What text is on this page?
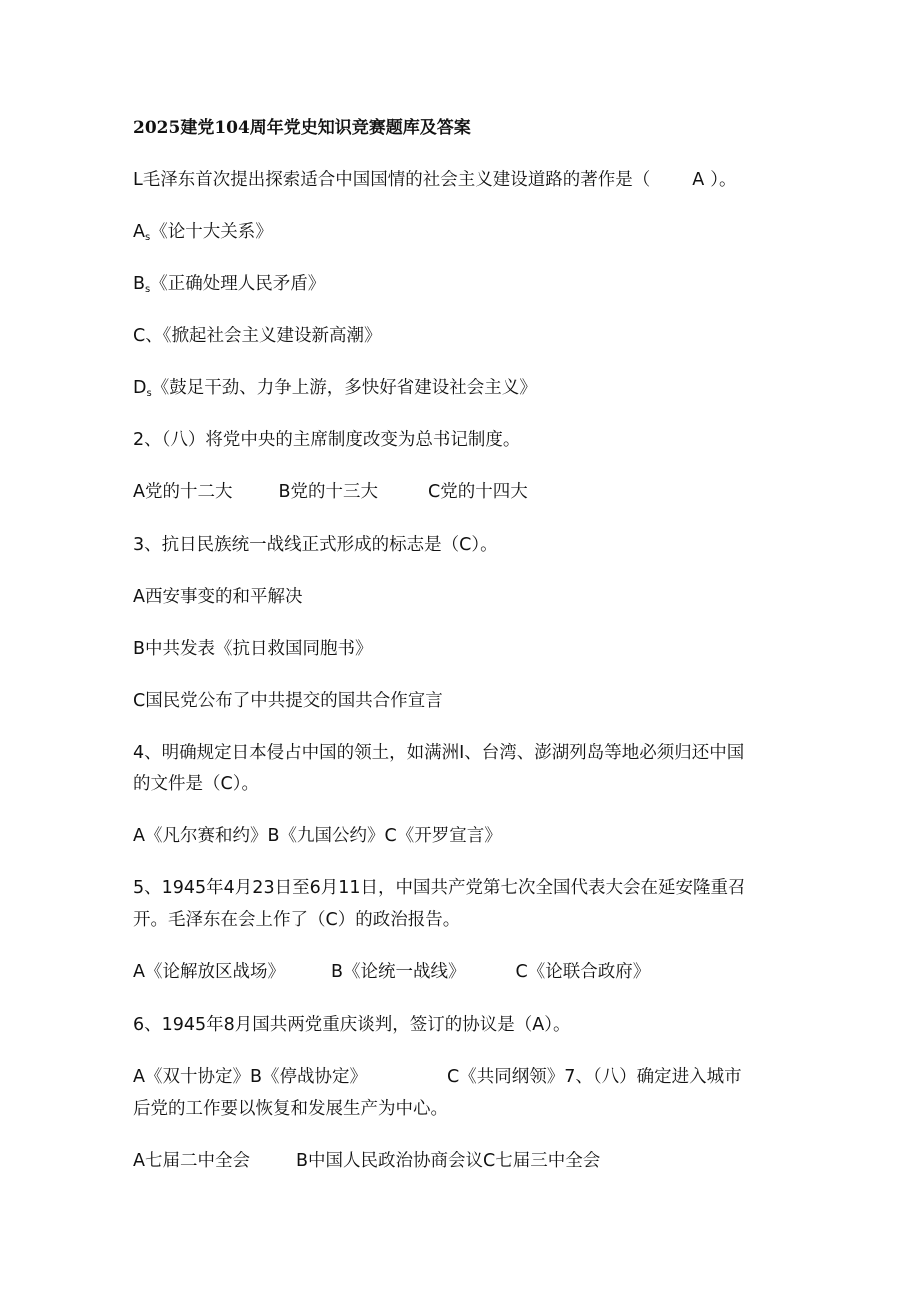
2025建党104周年党史知识竞赛题库及答案
L毛泽东首次提出探索适合中国国情的社会主义建设道路的著作是（ A ）。
$A_s$《论十大关系》
$B_s$《正确处理人民矛盾》
C、《掀起社会主义建设新高潮》
$D_s$《鼓足干劲、力争上游，多快好省建设社会主义》
2、（八）将党中央的主席制度改变为总书记制度。
A党的十二大	B党的十三大	C党的十四大
3、抗日民族统一战线正式形成的标志是（C）。
A西安事变的和平解决
B中共发表《抗日救国同胞书》
C国民党公布了中共提交的国共合作宣言
4、明确规定日本侵占中国的领土，如满洲I、台湾、澎湖列岛等地必须归还中国
的文件是（C）。
A《凡尔赛和约》B《九国公约》C《开罗宣言》
5、1945年4月23日至6月11日，中国共产党第七次全国代表大会在延安隆重召
开。毛泽东在会上作了（C）的政治报告。
A《论解放区战场》	B《论统一战线》	C《论联合政府》
6、1945年8月国共两党重庆谈判，签订的协议是（A）。
A《双十协定》B《停战协定》	C《共同纲领》7、（八）确定进入城市
后党的工作要以恢复和发展生产为中心。
A七届二中全会	B中国人民政治协商会议C七届三中全会
